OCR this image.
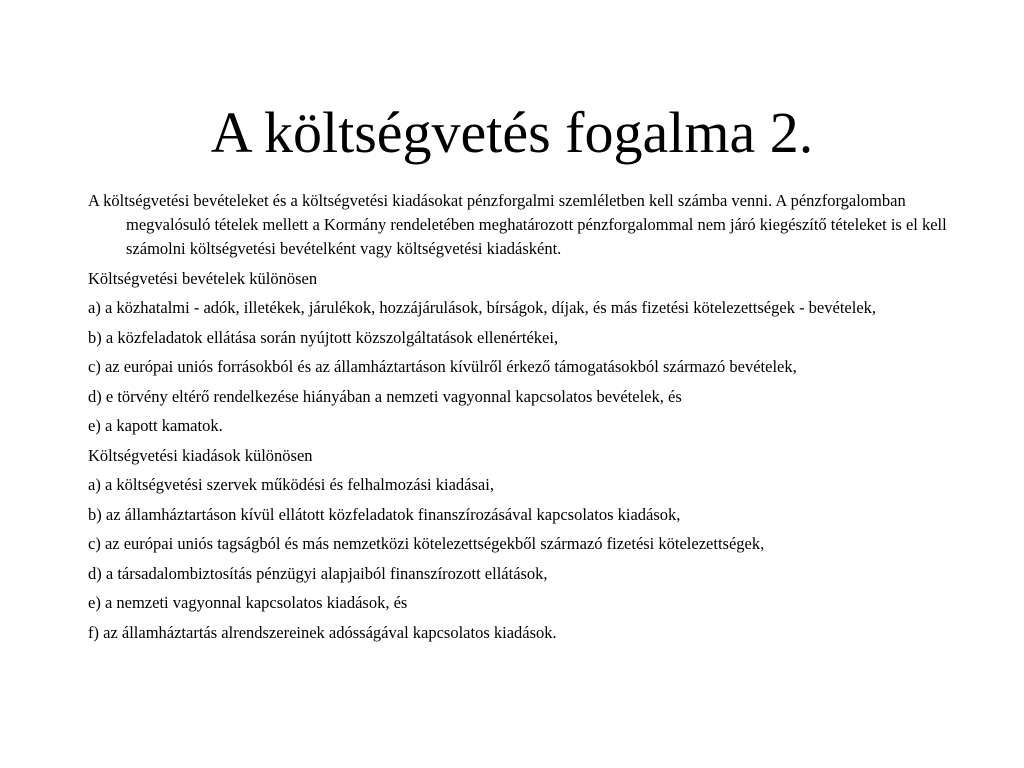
A költségvetés fogalma 2.
A költségvetési bevételeket és a költségvetési kiadásokat pénzforgalmi szemléletben kell számba venni. A pénzforgalomban megvalósuló tételek mellett a Kormány rendeletében meghatározott pénzforgalommal nem járó kiegészítő tételeket is el kell számolni költségvetési bevételként vagy költségvetési kiadásként.
Költségvetési bevételek különösen
a) a közhatalmi - adók, illetékek, járulékok, hozzájárulások, bírságok, díjak, és más fizetési kötelezettségek - bevételek,
b) a közfeladatok ellátása során nyújtott közszolgáltatások ellenértékei,
c) az európai uniós forrásokból és az államháztartáson kívülről érkező támogatásokból származó bevételek,
d) e törvény eltérő rendelkezése hiányában a nemzeti vagyonnal kapcsolatos bevételek, és
e) a kapott kamatok.
Költségvetési kiadások különösen
a) a költségvetési szervek működési és felhalmozási kiadásai,
b) az államháztartáson kívül ellátott közfeladatok finanszírozásával kapcsolatos kiadások,
c) az európai uniós tagságból és más nemzetközi kötelezettségekből származó fizetési kötelezettségek,
d) a társadalombiztosítás pénzügyi alapjaiból finanszírozott ellátások,
e) a nemzeti vagyonnal kapcsolatos kiadások, és
f) az államháztartás alrendszereinek adósságával kapcsolatos kiadások.
